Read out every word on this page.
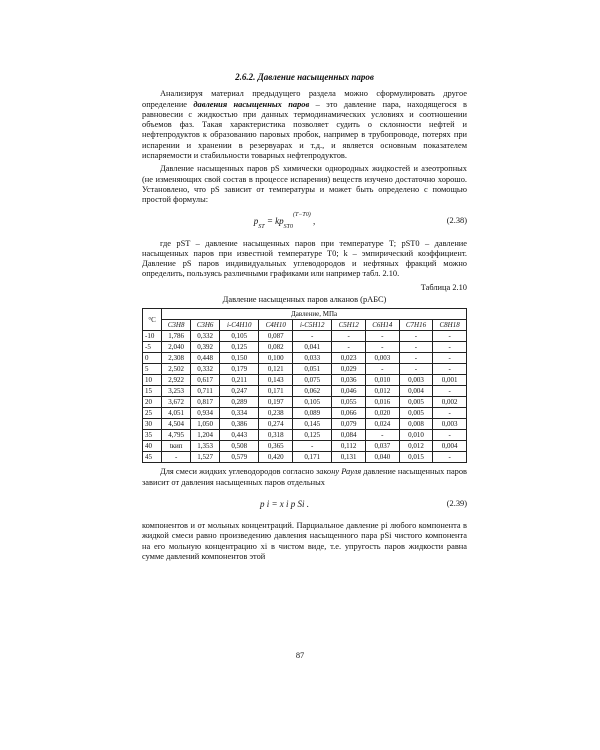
2.6.2. Давление насыщенных паров

Анализируя материал предыдущего раздела можно сформулировать другое определение давления насыщенных паров – это давление пара, находящегося в равновесии с жидкостью при данных термодинамических условиях и соотношении объемов фаз. Такая характеристика позволяет судить о склонности нефтей и нефтепродуктов к образованию паровых пробок, например в трубопроводе, потерях при испарении и хранении в резервуарах и т.д., и является основным показателем испаряемости и стабильности товарных нефтепродуктов.

Давление насыщенных паров pS химически однородных жидкостей и азеотропных (не изменяющих свой состав в процессе испарения) веществ изучено достаточно хорошо. Установлено, что pS зависит от температуры и может быть определено с помощью простой формулы:

$p_{ST} = kp_{ST0}^{(T-T0)}$ ,	(2.38)

где pST – давление насыщенных паров при температуре T; pST0 – давление насыщенных паров при известной температуре T0; k – эмпирический коэффициент. Давление pS паров индивидуальных углеводородов и нефтяных фракций можно определить, пользуясь различными графиками или например табл. 2.10.

Таблица 2.10
Давление насыщенных паров алканов (pАБС)
°C	Давление, МПа								
	C3H8	C3H6	i-C4H10	C4H10	i-C5H12	C5H12	C6H14	C7H16	C8H18
-10	1,786	0,332	0,105	0,087	-	-	-	-	-
-5	2,040	0,392	0,125	0,082	0,041	-	-	-	-
0	2,308	0,448	0,150	0,100	0,033	0,023	0,003	-	-
5	2,502	0,332	0,179	0,121	0,051	0,029	-	-	-
10	2,922	0,617	0,211	0,143	0,075	0,036	0,010	0,003	0,001
15	3,253	0,711	0,247	0,171	0,062	0,046	0,012	0,004	-
20	3,672	0,817	0,289	0,197	0,105	0,055	0,016	0,005	0,002
25	4,051	0,934	0,334	0,238	0,089	0,066	0,020	0,005	-
30	4,504	1,050	0,386	0,274	0,145	0,079	0,024	0,008	0,003
35	4,795	1,204	0,443	0,318	0,125	0,084	-	0,010	-
40	tкип	1,353	0,508	0,365	-	0,112	0,037	0,012	0,004
45	-	1,527	0,579	0,420	0,171	0,131	0,040	0,015	-

Для смеси жидких углеводородов согласно закону Рауля давление насыщенных паров зависит от давления насыщенных паров отдельных

p i = x i p Si .	(2.39)

компонентов и от мольных концентраций. Парциальное давление pi любого компонента в жидкой смеси равно произведению давления насыщенного пара pSi чистого компонента на его мольную концентрацию xi в чистом виде, т.е. упругость паров жидкости равна сумме давлений компонентов этой

87
